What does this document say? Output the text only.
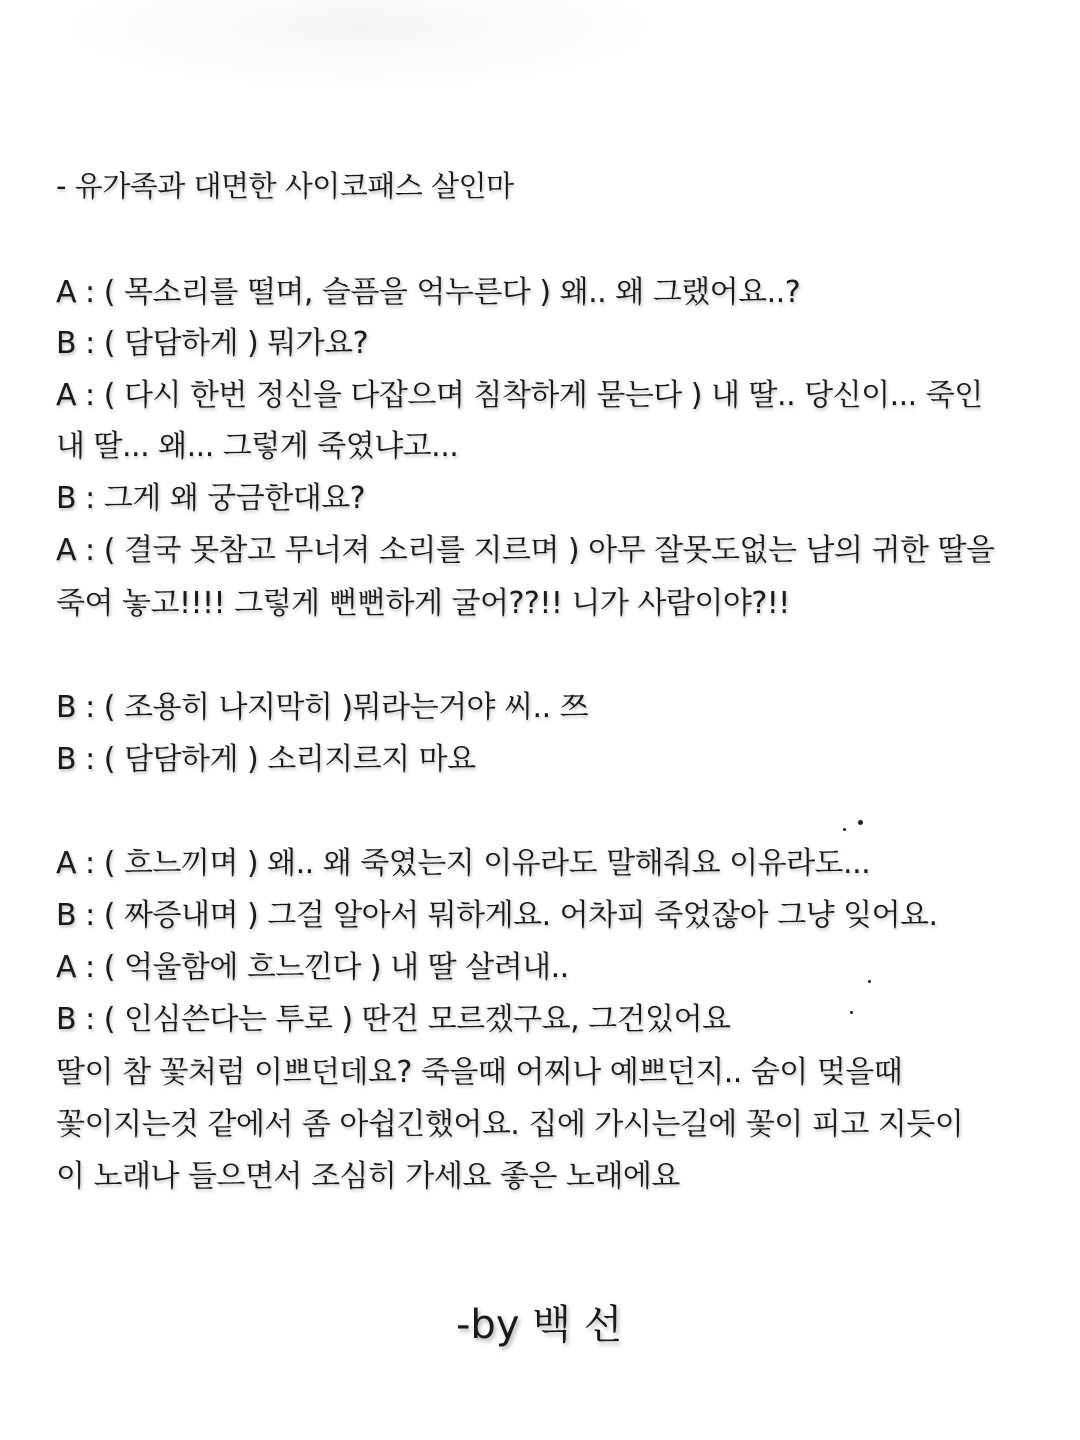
- 유가족과 대면한 사이코패스 살인마
A : ( 목소리를 떨며, 슬픔을 억누른다 ) 왜.. 왜 그랬어요..?
B : ( 담담하게 ) 뭐가요?
A : ( 다시 한번 정신을 다잡으며 침착하게 묻는다 ) 내 딸.. 당신이... 죽인
내 딸... 왜... 그렇게 죽였냐고...
B : 그게 왜 궁금한대요?
A : ( 결국 못참고 무너져 소리를 지르며 ) 아무 잘못도없는 남의 귀한 딸을
죽여 놓고!!!! 그렇게 뻔뻔하게 굴어??!! 니가 사람이야?!!
B : ( 조용히 나지막히 )뭐라는거야 씨.. 쯔
B : ( 담담하게 ) 소리지르지 마요
A : ( 흐느끼며 ) 왜.. 왜 죽였는지 이유라도 말해줘요 이유라도...
B : ( 짜증내며 ) 그걸 알아서 뭐하게요. 어차피 죽었잖아 그냥 잊어요.
A : ( 억울함에 흐느낀다 ) 내 딸 살려내..
B : ( 인심쓴다는 투로 ) 딴건 모르겠구요, 그건있어요
딸이 참 꽃처럼 이쁘던데요? 죽을때 어찌나 예쁘던지.. 숨이 멎을때
꽃이지는것 같에서 좀 아쉽긴했어요. 집에 가시는길에 꽃이 피고 지듯이
이 노래나 들으면서 조심히 가세요 좋은 노래에요
-by 백 선
